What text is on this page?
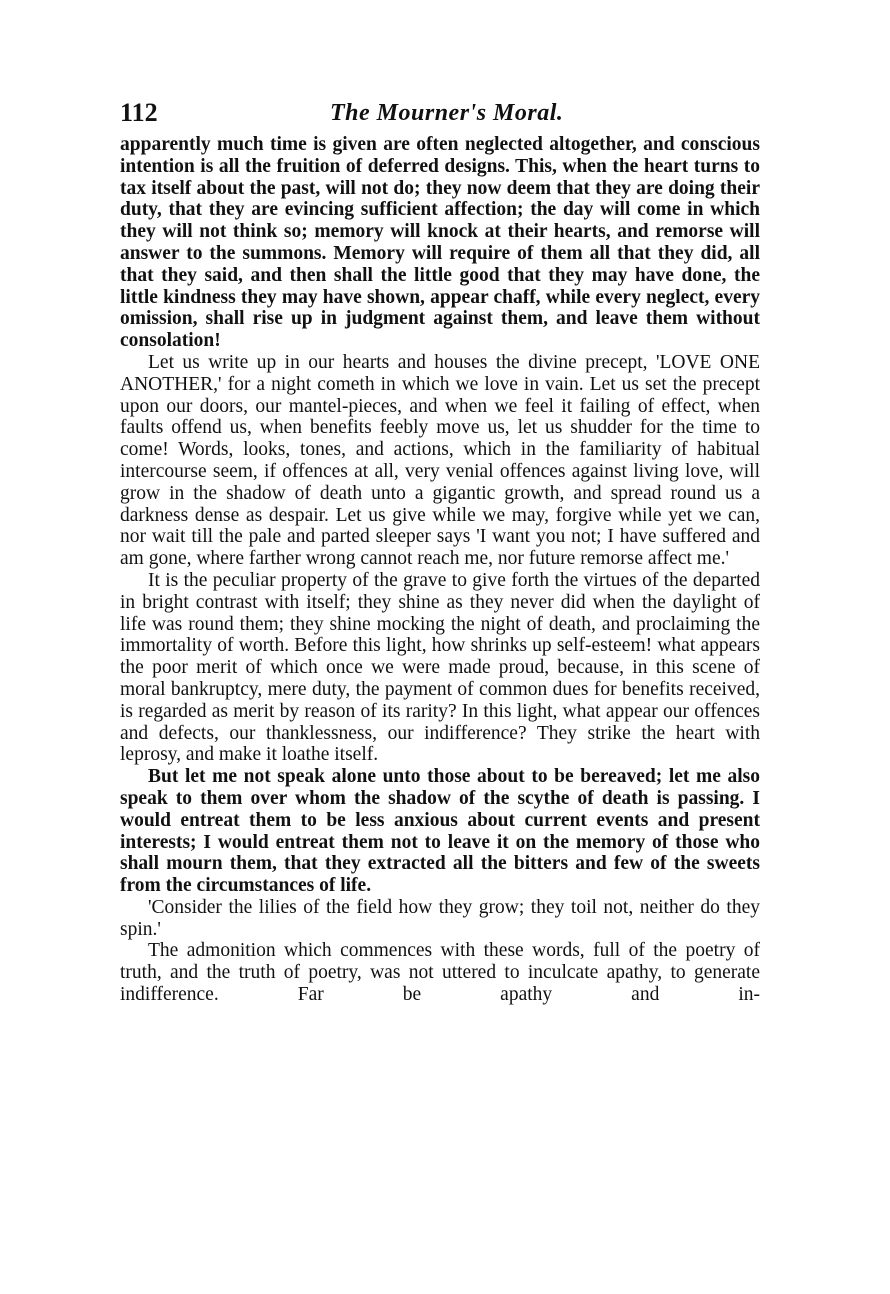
112	The Mourner's Moral.

apparently much time is given are often neglected altogether, and conscious intention is all the fruition of deferred designs. This, when the heart turns to tax itself about the past, will not do; they now deem that they are doing their duty, that they are evincing sufficient affection; the day will come in which they will not think so; memory will knock at their hearts, and remorse will answer to the summons. Memory will require of them all that they did, all that they said, and then shall the little good that they may have done, the little kindness they may have shown, appear chaff, while every neglect, every omission, shall rise up in judgment against them, and leave them without consolation!

Let us write up in our hearts and houses the divine precept, 'LOVE ONE ANOTHER,' for a night cometh in which we love in vain. Let us set the precept upon our doors, our mantel-pieces, and when we feel it failing of effect, when faults offend us, when benefits feebly move us, let us shudder for the time to come! Words, looks, tones, and actions, which in the familiarity of habitual intercourse seem, if offences at all, very venial offences against living love, will grow in the shadow of death unto a gigantic growth, and spread round us a darkness dense as despair. Let us give while we may, forgive while yet we can, nor wait till the pale and parted sleeper says 'I want you not; I have suffered and am gone, where farther wrong cannot reach me, nor future remorse affect me.'

It is the peculiar property of the grave to give forth the virtues of the departed in bright contrast with itself; they shine as they never did when the daylight of life was round them; they shine mocking the night of death, and proclaiming the immortality of worth. Before this light, how shrinks up self-esteem! what appears the poor merit of which once we were made proud, because, in this scene of moral bankruptcy, mere duty, the payment of common dues for benefits received, is regarded as merit by reason of its rarity? In this light, what appear our offences and defects, our thanklessness, our indifference? They strike the heart with leprosy, and make it loathe itself.

But let me not speak alone unto those about to be bereaved; let me also speak to them over whom the shadow of the scythe of death is passing. I would entreat them to be less anxious about current events and present interests; I would entreat them not to leave it on the memory of those who shall mourn them, that they extracted all the bitters and few of the sweets from the circumstances of life.

'Consider the lilies of the field how they grow; they toil not, neither do they spin.'

The admonition which commences with these words, full of the poetry of truth, and the truth of poetry, was not uttered to inculcate apathy, to generate indifference. Far be apathy and in-
